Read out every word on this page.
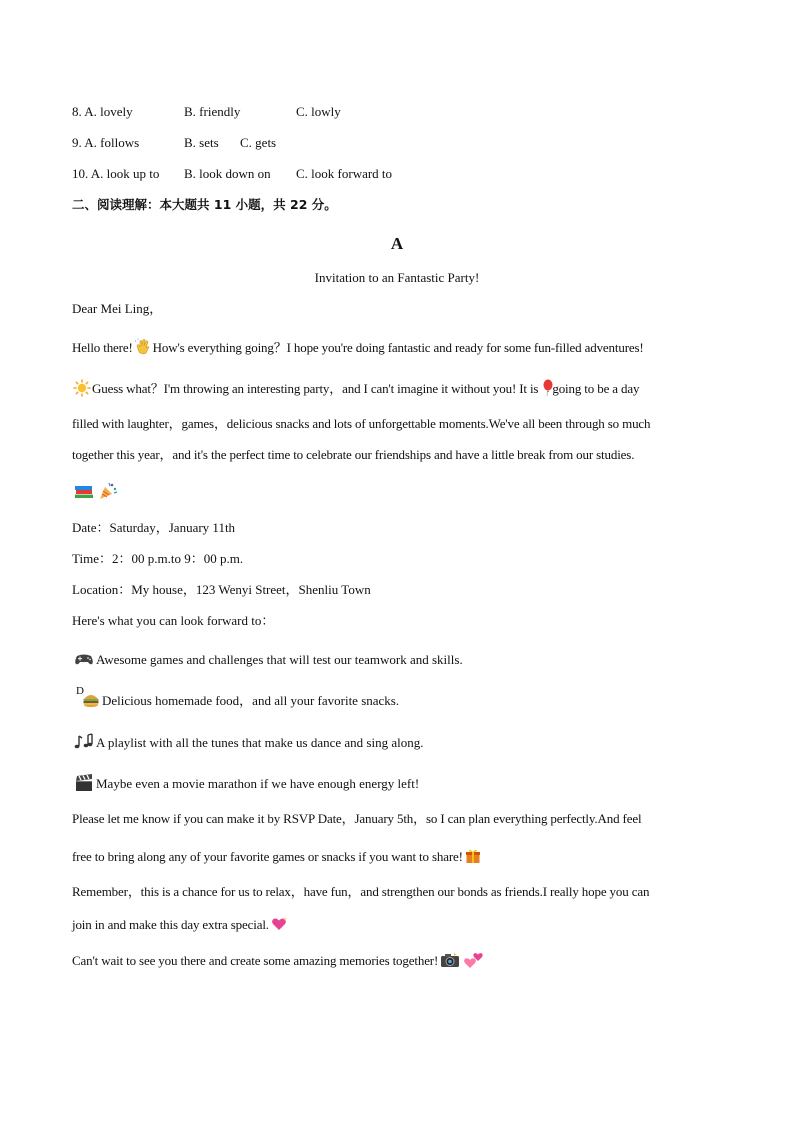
8. A. lovely	B. friendly	C. lowly
9. A. follows	B. sets C. gets
10. A. look up to B. look down on C. look forward to
二、阅读理解：本大题共 11 小题，共 22 分。
A
Invitation to an Fantastic Party!
Dear Mei Ling，
Hello there! How's everything going？I hope you're doing fantastic and ready for some fun-filled adventures!
Guess what？I'm throwing an interesting party，and I can't imagine it without you! It is going to be a day
filled with laughter，games，delicious snacks and lots of unforgettable moments.We've all been through so much
together this year，and it's the perfect time to celebrate our friendships and have a little break from our studies.
Date：Saturday，January 11th
Time：2：00 p.m.to 9：00 p.m.
Location：My house，123 Wenyi Street，Shenliu Town
Here's what you can look forward to：
Awesome games and challenges that will test our teamwork and skills.
D
Delicious homemade food，and all your favorite snacks.
A playlist with all the tunes that make us dance and sing along.
Maybe even a movie marathon if we have enough energy left!
Please let me know if you can make it by RSVP Date，January 5th，so I can plan everything perfectly.And feel
free to bring along any of your favorite games or snacks if you want to share!
Remember，this is a chance for us to relax，have fun，and strengthen our bonds as friends.I really hope you can
join in and make this day extra special.
Can't wait to see you there and create some amazing memories together!
